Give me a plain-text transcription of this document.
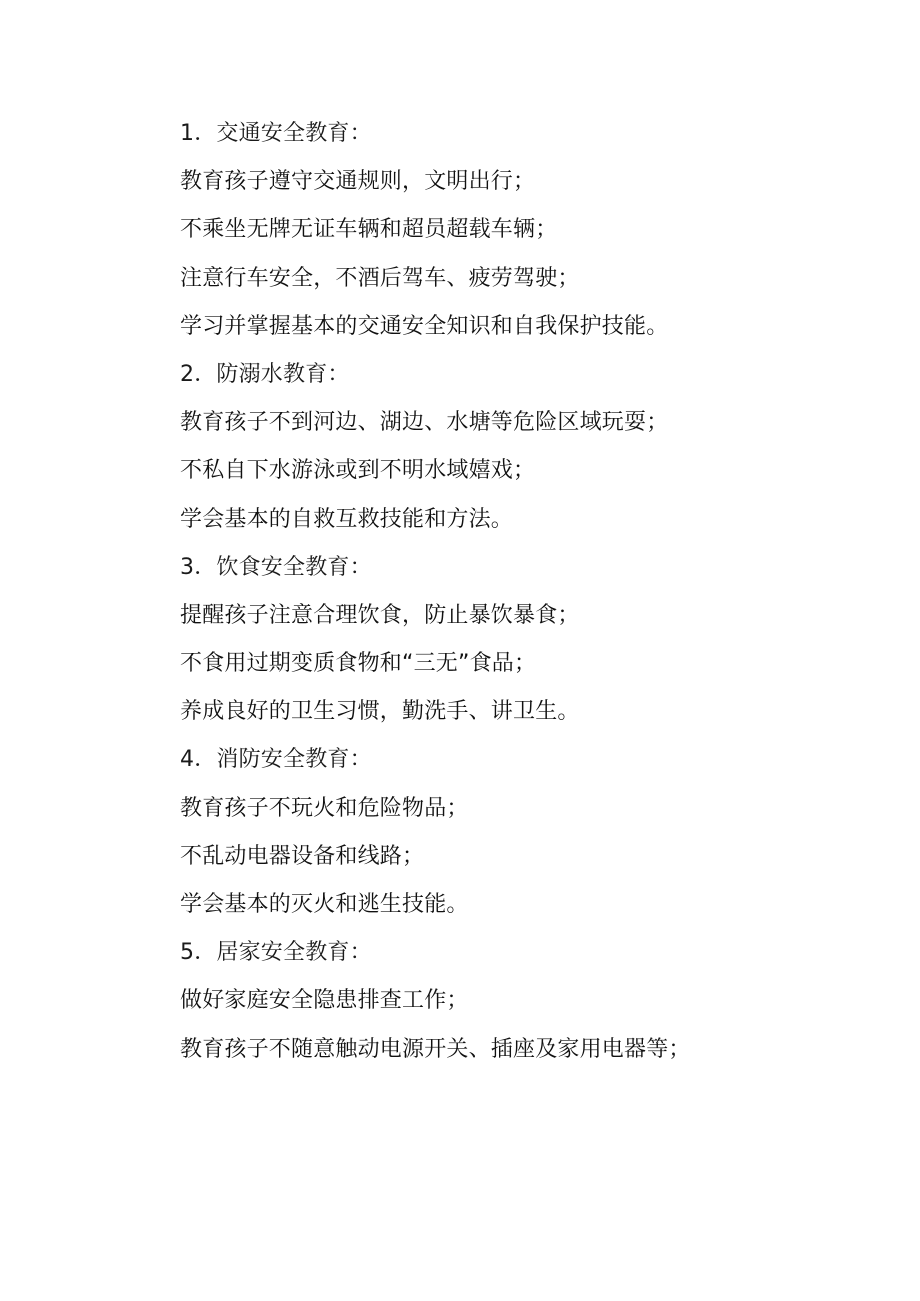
1．交通安全教育：
教育孩子遵守交通规则，文明出行；
不乘坐无牌无证车辆和超员超载车辆；
注意行车安全，不酒后驾车、疲劳驾驶；
学习并掌握基本的交通安全知识和自我保护技能。
2．防溺水教育：
教育孩子不到河边、湖边、水塘等危险区域玩耍；
不私自下水游泳或到不明水域嬉戏；
学会基本的自救互救技能和方法。
3．饮食安全教育：
提醒孩子注意合理饮食，防止暴饮暴食；
不食用过期变质食物和“三无”食品；
养成良好的卫生习惯，勤洗手、讲卫生。
4．消防安全教育：
教育孩子不玩火和危险物品；
不乱动电器设备和线路；
学会基本的灭火和逃生技能。
5．居家安全教育：
做好家庭安全隐患排查工作；
教育孩子不随意触动电源开关、插座及家用电器等；
